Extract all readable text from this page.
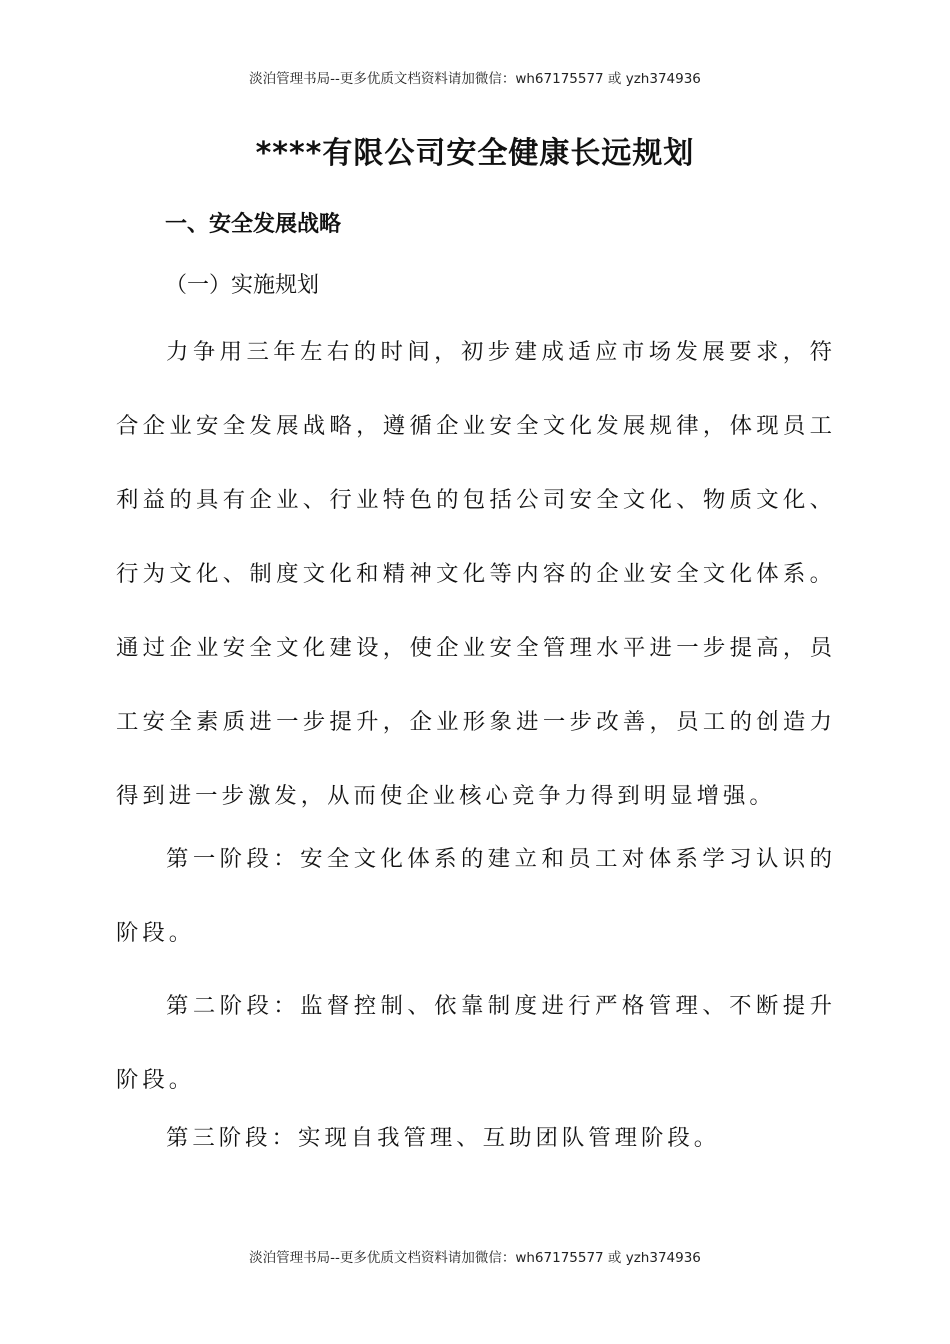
淡泊管理书局--更多优质文档资料请加微信：wh67175577 或 yzh374936
****有限公司安全健康长远规划
一、安全发展战略
（一）实施规划

力争用三年左右的时间，初步建成适应市场发展要求，符合企业安全发展战略，遵循企业安全文化发展规律，体现员工利益的具有企业、行业特色的包括公司安全文化、物质文化、行为文化、制度文化和精神文化等内容的企业安全文化体系。通过企业安全文化建设，使企业安全管理水平进一步提高，员工安全素质进一步提升，企业形象进一步改善，员工的创造力得到进一步激发，从而使企业核心竞争力得到明显增强。

第一阶段：安全文化体系的建立和员工对体系学习认识的阶段。

第二阶段：监督控制、依靠制度进行严格管理、不断提升阶段。

第三阶段：实现自我管理、互助团队管理阶段。

淡泊管理书局--更多优质文档资料请加微信：wh67175577 或 yzh374936
